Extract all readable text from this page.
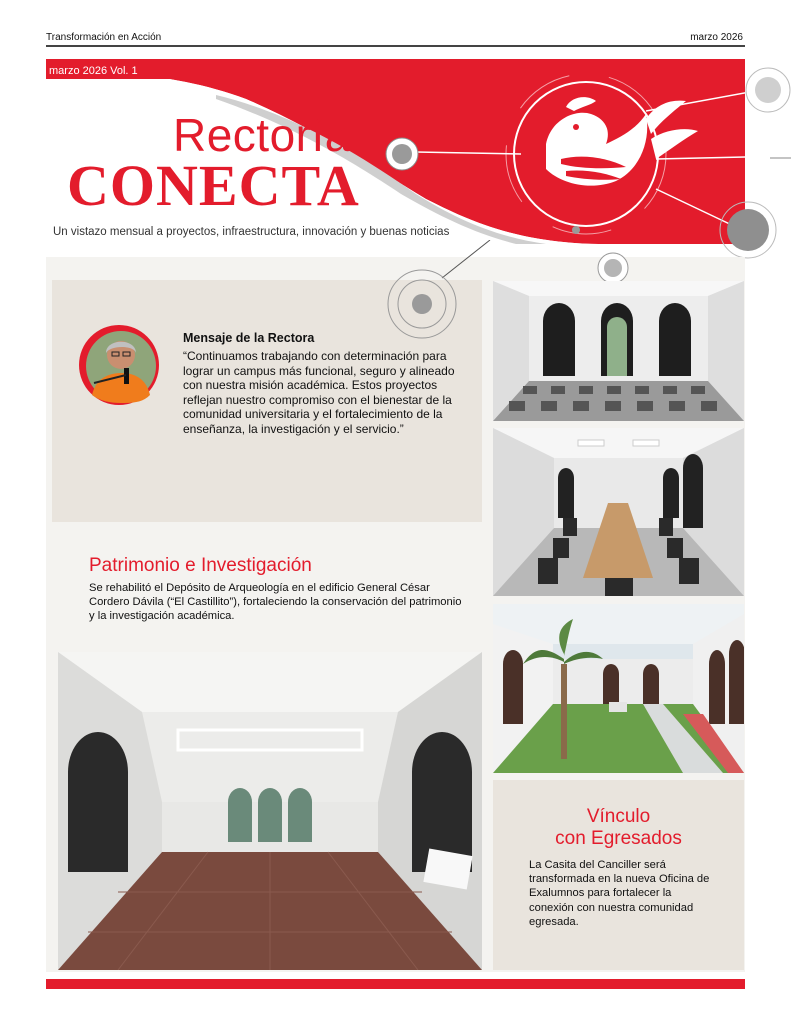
Transformación en Acción	marzo 2026
marzo 2026 Vol. 1
Rectoría
CONECTA
Un vistazo mensual a proyectos, infraestructura, innovación y buenas noticias
Mensaje de la Rectora
“Continuamos trabajando con determinación para lograr un campus más funcional, seguro y alineado con nuestra misión académica. Estos proyectos reflejan nuestro compromiso con el bienestar de la comunidad universitaria y el fortalecimiento de la enseñanza, la investigación y el servicio.”
Patrimonio e Investigación
Se rehabilitó el Depósito de Arqueología en el edificio General César Cordero Dávila (“El Castillito”), fortaleciendo la conservación del patrimonio y la investigación académica.
Vínculo
con Egresados
La Casita del Canciller será transformada en la nueva Oficina de Exalumnos para fortalecer la conexión con nuestra comunidad egresada.
